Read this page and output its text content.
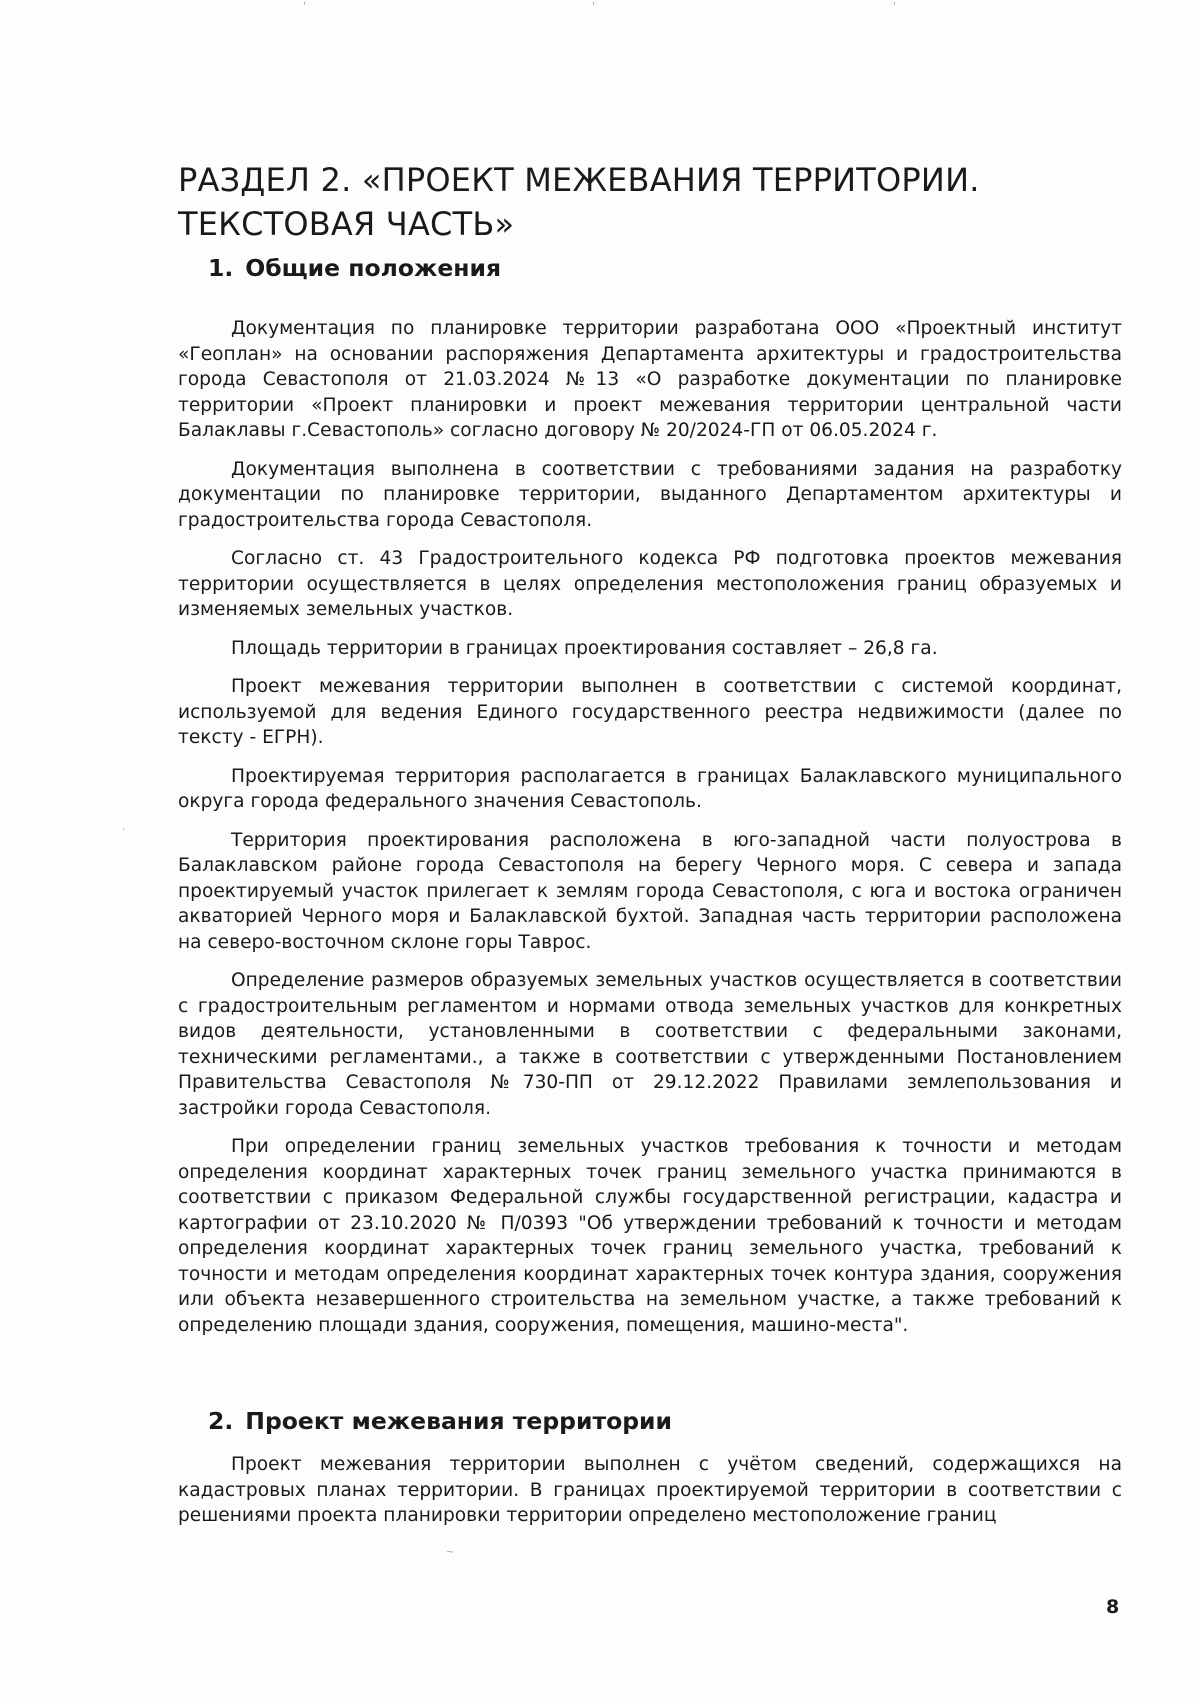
РАЗДЕЛ 2. «ПРОЕКТ МЕЖЕВАНИЯ ТЕРРИТОРИИ.
ТЕКСТОВАЯ ЧАСТЬ»
1. Общие положения

Документация по планировке территории разработана ООО «Проектный институт «Геоплан» на основании распоряжения Департамента архитектуры и градостроительства города Севастополя от 21.03.2024 №13 «О разработке документации по планировке территории «Проект планировки и проект межевания территории центральной части Балаклавы г.Севастополь» согласно договору № 20/2024-ГП от 06.05.2024 г.

Документация выполнена в соответствии с требованиями задания на разработку документации по планировке территории, выданного Департаментом архитектуры и градостроительства города Севастополя.

Согласно ст. 43 Градостроительного кодекса РФ подготовка проектов межевания территории осуществляется в целях определения местоположения границ образуемых и изменяемых земельных участков.

Площадь территории в границах проектирования составляет – 26,8 га.

Проект межевания территории выполнен в соответствии с системой координат, используемой для ведения Единого государственного реестра недвижимости (далее по тексту - ЕГРН).

Проектируемая территория располагается в границах Балаклавского муниципального округа города федерального значения Севастополь.

Территория проектирования расположена в юго-западной части полуострова в Балаклавском районе города Севастополя на берегу Черного моря. С севера и запада проектируемый участок прилегает к землям города Севастополя, с юга и востока ограничен акваторией Черного моря и Балаклавской бухтой. Западная часть территории расположена на северо-восточном склоне горы Таврос.

Определение размеров образуемых земельных участков осуществляется в соответствии с градостроительным регламентом и нормами отвода земельных участков для конкретных видов деятельности, установленными в соответствии с федеральными законами, техническими регламентами., а также в соответствии с утвержденными Постановлением Правительства Севастополя №730-ПП от 29.12.2022 Правилами землепользования и застройки города Севастополя.

При определении границ земельных участков требования к точности и методам определения координат характерных точек границ земельного участка принимаются в соответствии с приказом Федеральной службы государственной регистрации, кадастра и картографии от 23.10.2020 № П/0393 "Об утверждении требований к точности и методам определения координат характерных точек границ земельного участка, требований к точности и методам определения координат характерных точек контура здания, сооружения или объекта незавершенного строительства на земельном участке, а также требований к определению площади здания, сооружения, помещения, машино-места".

2. Проект межевания территории

Проект межевания территории выполнен с учётом сведений, содержащихся на кадастровых планах территории. В границах проектируемой территории в соответствии с решениями проекта планировки территории определено местоположение границ

8
'	'	'
·
~
